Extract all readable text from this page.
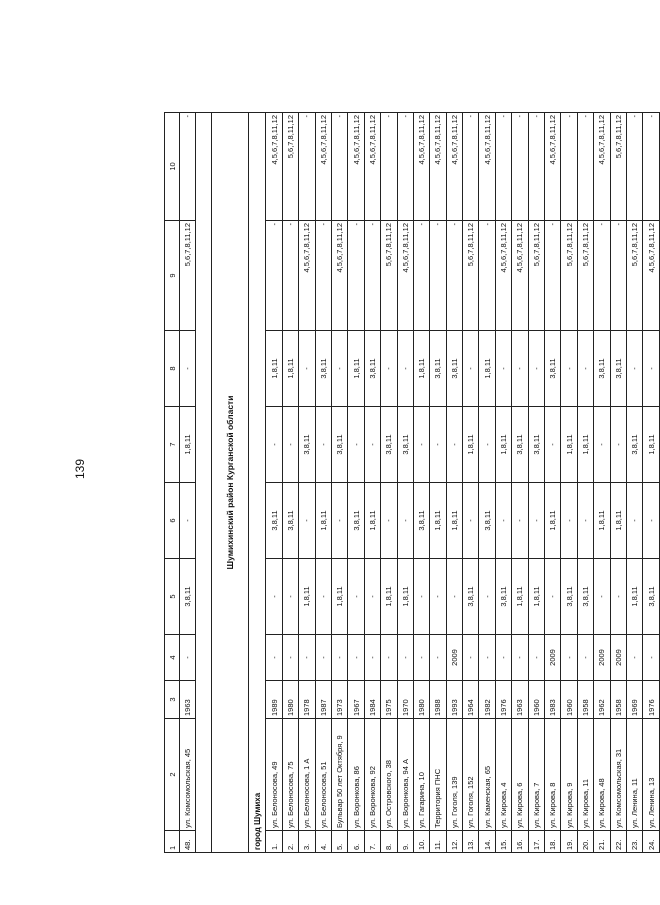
139
1	2	3	4	5	6	7	8	9	10
48.	ул. Комсомольская, 45	1963	-	3,8,11	-	1,8,11	-	5,6,7,8,11,12	-

Шумихинский район Курганской области									
город Шумиха									
1.	ул. Белоносова, 49	1989	-	-	3,8,11	-	1,8,11	-	4,5,6,7,8,11,12
2.	ул. Белоносова, 75	1980	-	-	3,8,11	-	1,8,11	-	5,6,7,8,11,12
3.	ул. Белоносова, 1 А	1978	-	1,8,11	-	3,8,11	-	4,5,6,7,8,11,12	-
4.	ул. Белоносова, 51	1987	-	-	1,8,11	-	3,8,11	-	4,5,6,7,8,11,12
5.	Бульвар 50 лет Октября, 9	1973	-	1,8,11	-	3,8,11	-	4,5,6,7,8,11,12	-
6.	ул. Воронкова, 86	1967	-	-	3,8,11	-	1,8,11	-	4,5,6,7,8,11,12
7.	ул. Воронкова, 92	1984	-	-	1,8,11	-	3,8,11	-	4,5,6,7,8,11,12
8.	ул. Островского, 38	1975	-	1,8,11	-	3,8,11	-	5,6,7,8,11,12	-
9.	ул. Воронкова, 94 А	1970	-	1,8,11	-	3,8,11	-	4,5,6,7,8,11,12	-
10.	ул. Гагарина, 10	1980	-	-	3,8,11	-	1,8,11	-	4,5,6,7,8,11,12
11.	Территория ПНС	1988	-	-	1,8,11	-	3,8,11	-	4,5,6,7,8,11,12
12.	ул. Гоголя, 139	1993	2009	-	1,8,11	-	3,8,11	-	4,5,6,7,8,11,12
13.	ул. Гоголя, 152	1964	-	3,8,11	-	1,8,11	-	5,6,7,8,11,12	-
14.	ул. Каменская, 65	1982	-	-	3,8,11	-	1,8,11	-	4,5,6,7,8,11,12
15.	ул. Кирова, 4	1976	-	3,8,11	-	1,8,11	-	4,5,6,7,8,11,12	-
16.	ул. Кирова, 6	1963	-	1,8,11	-	3,8,11	-	4,5,6,7,8,11,12	-
17.	ул. Кирова, 7	1960	-	1,8,11	-	3,8,11	-	5,6,7,8,11,12	-
18.	ул. Кирова, 8	1983	2009	-	1,8,11	-	3,8,11	-	4,5,6,7,8,11,12
19.	ул. Кирова, 9	1960	-	3,8,11	-	1,8,11	-	5,6,7,8,11,12	-
20.	ул. Кирова, 11	1958	-	3,8,11	-	1,8,11	-	5,6,7,8,11,12	-
21.	ул. Кирова, 48	1962	2009	-	1,8,11	-	3,8,11	-	4,5,6,7,8,11,12
22.	ул. Комсомольская, 31	1958	2009	-	1,8,11	-	3,8,11	-	5,6,7,8,11,12
23.	ул. Ленина, 11	1969	-	1,8,11	-	3,8,11	-	5,6,7,8,11,12	-
24.	ул. Ленина, 13	1976	-	3,8,11	-	1,8,11	-	4,5,6,7,8,11,12	-
